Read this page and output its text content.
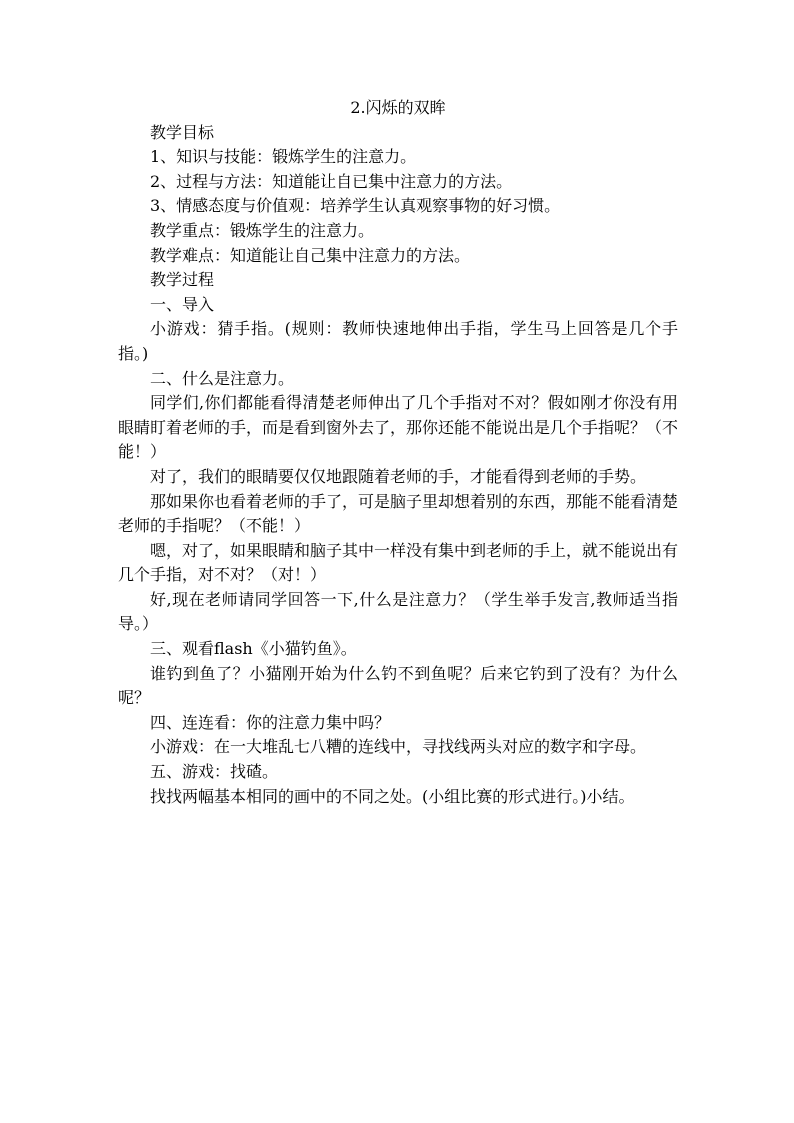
2.闪烁的双眸

教学目标

1、知识与技能：锻炼学生的注意力。

2、过程与方法：知道能让自已集中注意力的方法。

3、情感态度与价值观：培养学生认真观察事物的好习惯。

教学重点：锻炼学生的注意力。

教学难点：知道能让自己集中注意力的方法。

教学过程

一、导入

小游戏：猜手指。(规则：教师快速地伸出手指，学生马上回答是几个手指。)

二、什么是注意力。

同学们,你们都能看得清楚老师伸出了几个手指对不对？假如刚才你没有用眼睛盯着老师的手，而是看到窗外去了，那你还能不能说出是几个手指呢？（不能！）

对了，我们的眼睛要仅仅地跟随着老师的手，才能看得到老师的手势。

那如果你也看着老师的手了，可是脑子里却想着别的东西，那能不能看清楚老师的手指呢？（不能！）

嗯，对了，如果眼睛和脑子其中一样没有集中到老师的手上，就不能说出有几个手指，对不对？（对！）

好,现在老师请同学回答一下,什么是注意力？（学生举手发言,教师适当指导。）

三、观看flash《小猫钓鱼》。

谁钓到鱼了？小猫刚开始为什么钓不到鱼呢？后来它钓到了没有？为什么呢？

四、连连看：你的注意力集中吗？

小游戏：在一大堆乱七八糟的连线中，寻找线两头对应的数字和字母。

五、游戏：找碴。

找找两幅基本相同的画中的不同之处。(小组比赛的形式进行。)小结。
